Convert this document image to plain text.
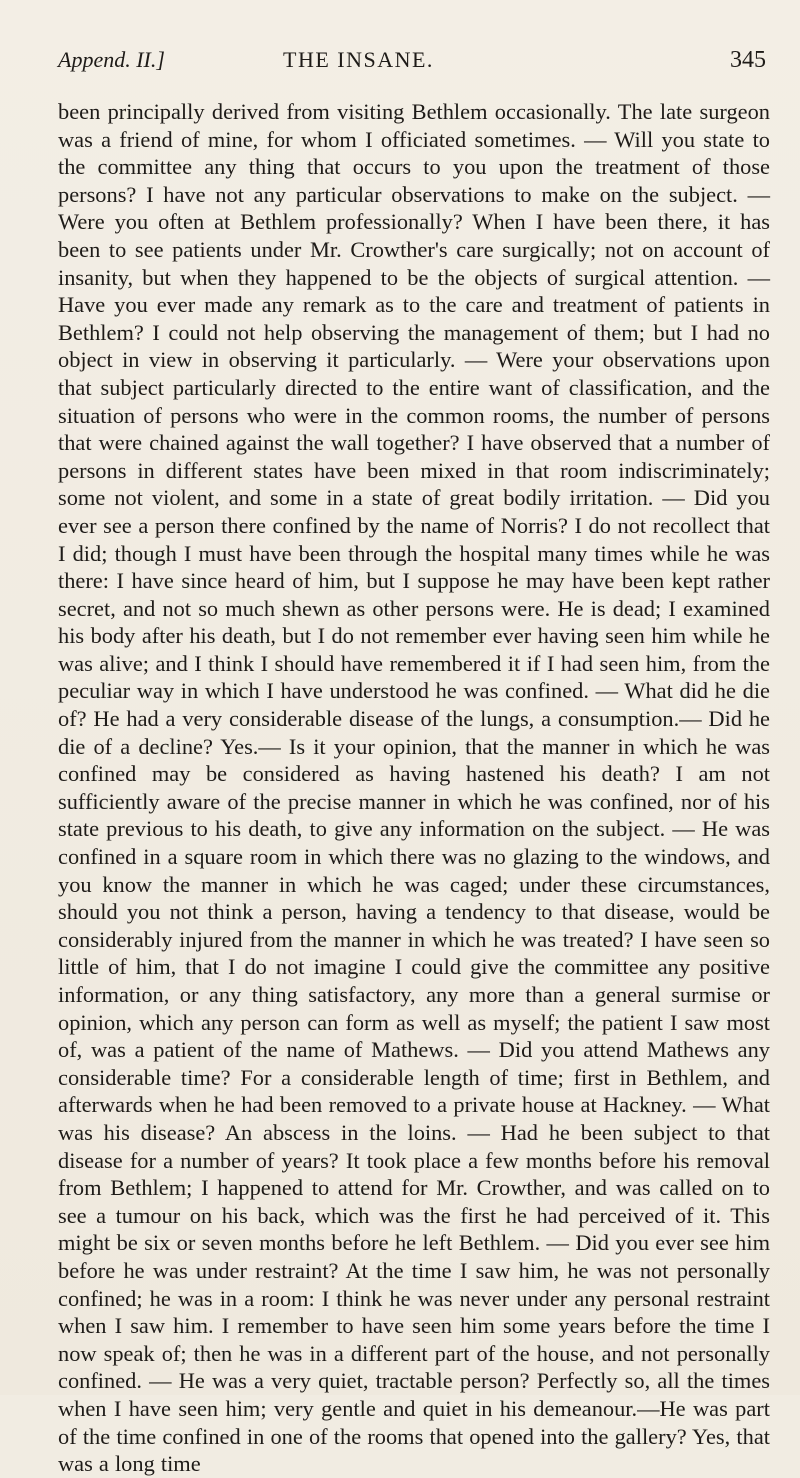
Append. II.]	THE INSANE.	345

been principally derived from visiting Bethlem occasionally. The late surgeon was a friend of mine, for whom I officiated sometimes. — Will you state to the committee any thing that occurs to you upon the treatment of those persons? I have not any particular observations to make on the subject. — Were you often at Bethlem professionally? When I have been there, it has been to see patients under Mr. Crowther's care surgically; not on account of insanity, but when they happened to be the objects of surgical attention. — Have you ever made any remark as to the care and treatment of patients in Bethlem? I could not help observing the management of them; but I had no object in view in observing it particularly. — Were your observations upon that subject particularly directed to the entire want of classification, and the situation of persons who were in the common rooms, the number of persons that were chained against the wall together? I have observed that a number of persons in different states have been mixed in that room indiscriminately; some not violent, and some in a state of great bodily irritation. — Did you ever see a person there confined by the name of Norris? I do not recollect that I did; though I must have been through the hospital many times while he was there: I have since heard of him, but I suppose he may have been kept rather secret, and not so much shewn as other persons were. He is dead; I examined his body after his death, but I do not remember ever having seen him while he was alive; and I think I should have remembered it if I had seen him, from the peculiar way in which I have understood he was confined. — What did he die of? He had a very considerable disease of the lungs, a consumption.— Did he die of a decline? Yes.— Is it your opinion, that the manner in which he was confined may be considered as having hastened his death? I am not sufficiently aware of the precise manner in which he was confined, nor of his state previous to his death, to give any information on the subject. — He was confined in a square room in which there was no glazing to the windows, and you know the manner in which he was caged; under these circumstances, should you not think a person, having a tendency to that disease, would be considerably injured from the manner in which he was treated? I have seen so little of him, that I do not imagine I could give the committee any positive information, or any thing satisfactory, any more than a general surmise or opinion, which any person can form as well as myself; the patient I saw most of, was a patient of the name of Mathews. — Did you attend Mathews any considerable time? For a considerable length of time; first in Bethlem, and afterwards when he had been removed to a private house at Hackney. — What was his disease? An abscess in the loins. — Had he been subject to that disease for a number of years? It took place a few months before his removal from Bethlem; I happened to attend for Mr. Crowther, and was called on to see a tumour on his back, which was the first he had perceived of it. This might be six or seven months before he left Bethlem. — Did you ever see him before he was under restraint? At the time I saw him, he was not personally confined; he was in a room: I think he was never under any personal restraint when I saw him. I remember to have seen him some years before the time I now speak of; then he was in a different part of the house, and not personally confined. — He was a very quiet, tractable person? Perfectly so, all the times when I have seen him; very gentle and quiet in his demeanour.—He was part of the time confined in one of the rooms that opened into the gallery? Yes, that was a long time
